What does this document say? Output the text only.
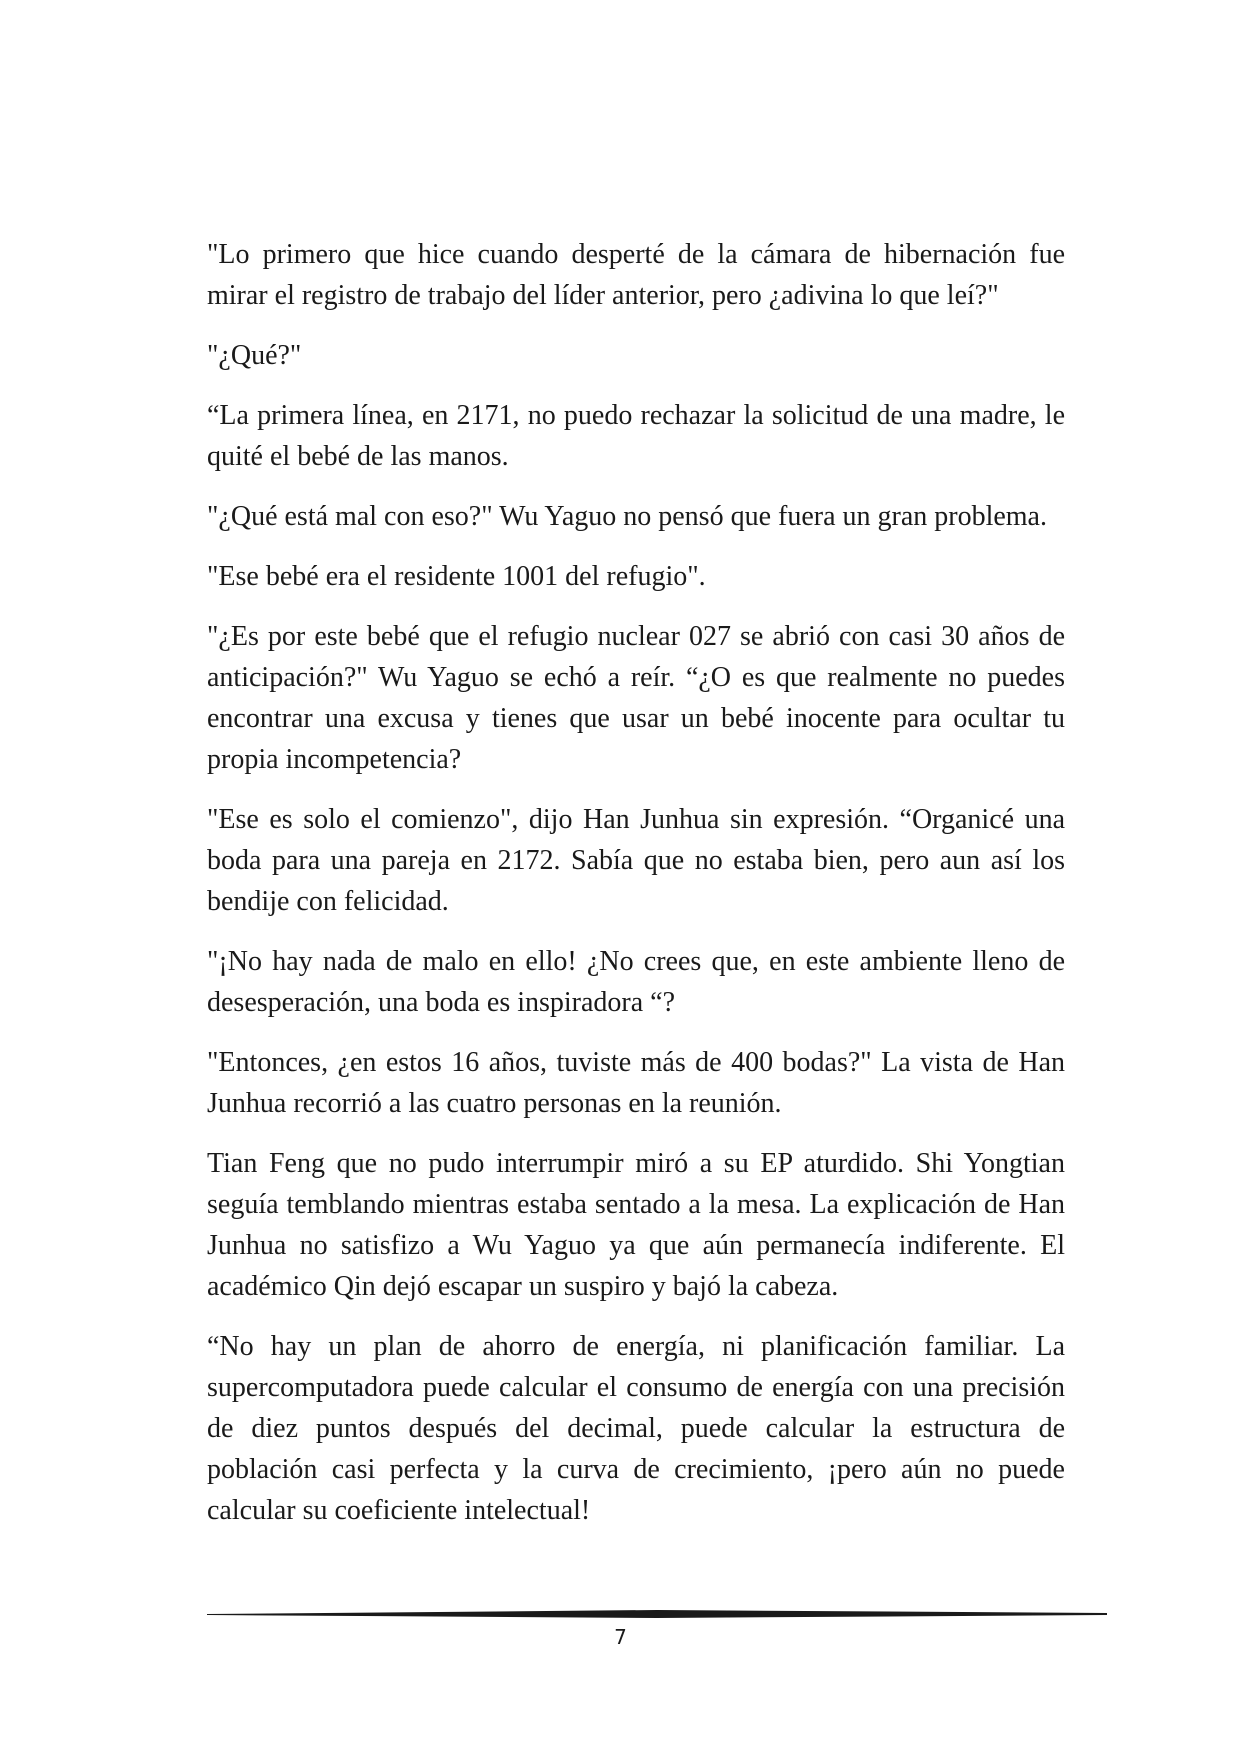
"Lo primero que hice cuando desperté de la cámara de hibernación fue mirar el registro de trabajo del líder anterior, pero ¿adivina lo que leí?"

"¿Qué?"

“La primera línea, en 2171, no puedo rechazar la solicitud de una madre, le quité el bebé de las manos.

"¿Qué está mal con eso?" Wu Yaguo no pensó que fuera un gran problema.

"Ese bebé era el residente 1001 del refugio".

"¿Es por este bebé que el refugio nuclear 027 se abrió con casi 30 años de anticipación?" Wu Yaguo se echó a reír. “¿O es que realmente no puedes encontrar una excusa y tienes que usar un bebé inocente para ocultar tu propia incompetencia?

"Ese es solo el comienzo", dijo Han Junhua sin expresión. “Organicé una boda para una pareja en 2172. Sabía que no estaba bien, pero aun así los bendije con felicidad.

"¡No hay nada de malo en ello! ¿No crees que, en este ambiente lleno de desesperación, una boda es inspiradora “?

"Entonces, ¿en estos 16 años, tuviste más de 400 bodas?" La vista de Han Junhua recorrió a las cuatro personas en la reunión.

Tian Feng que no pudo interrumpir miró a su EP aturdido. Shi Yongtian seguía temblando mientras estaba sentado a la mesa. La explicación de Han Junhua no satisfizo a Wu Yaguo ya que aún permanecía indiferente. El académico Qin dejó escapar un suspiro y bajó la cabeza.

“No hay un plan de ahorro de energía, ni planificación familiar. La supercomputadora puede calcular el consumo de energía con una precisión de diez puntos después del decimal, puede calcular la estructura de población casi perfecta y la curva de crecimiento, ¡pero aún no puede calcular su coeficiente intelectual!

7
